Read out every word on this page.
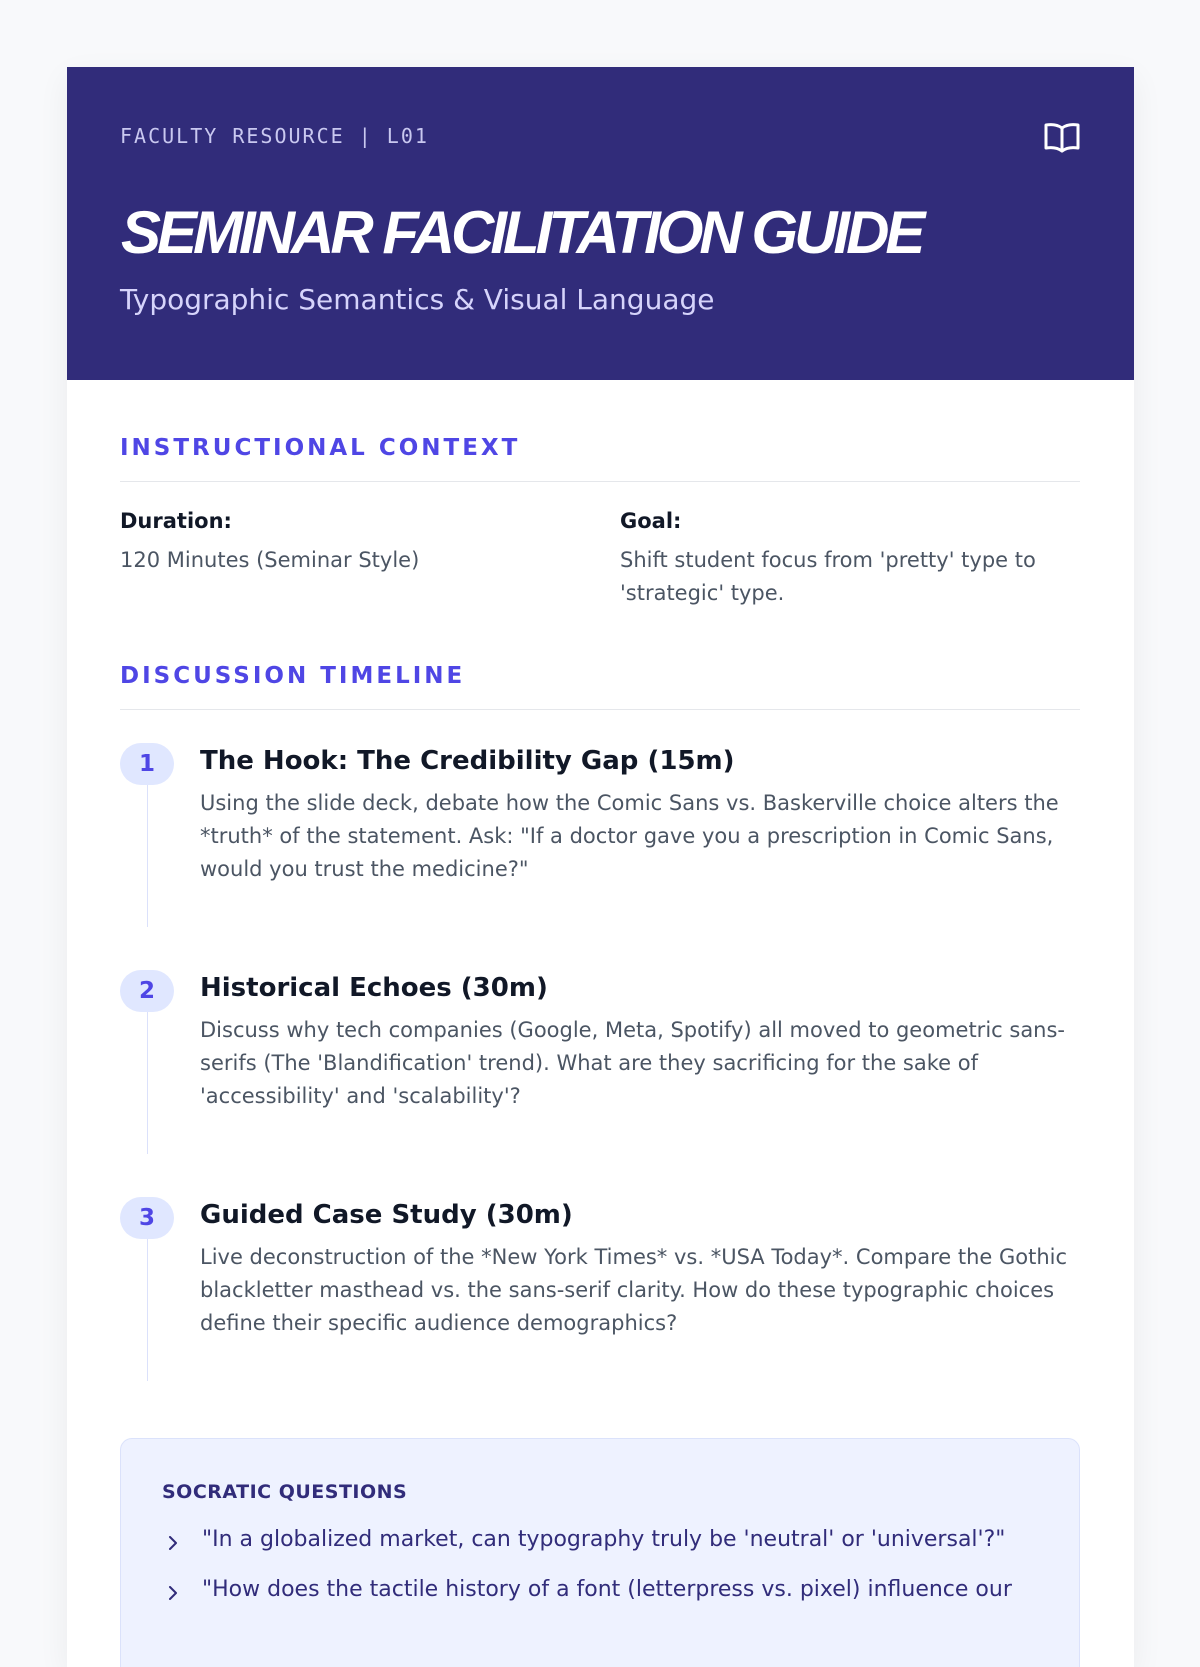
FACULTY RESOURCE | L01
SEMINAR FACILITATION GUIDE
Typographic Semantics & Visual Language
INSTRUCTIONAL CONTEXT

Duration:

120 Minutes (Seminar Style)

Goal:

Shift student focus from 'pretty' type to 'strategic' type.

DISCUSSION TIMELINE
1	The Hook: The Credibility Gap (15m)
Using the slide deck, debate how the Comic Sans vs. Baskerville choice alters the *truth* of the statement. Ask: "If a doctor gave you a prescription in Comic Sans, would you trust the medicine?"
2	Historical Echoes (30m)
Discuss why tech companies (Google, Meta, Spotify) all moved to geometric sans-serifs (The 'Blandification' trend). What are they sacrificing for the sake of 'accessibility' and 'scalability'?
3	Guided Case Study (30m)
Live deconstruction of the *New York Times* vs. *USA Today*. Compare the Gothic blackletter masthead vs. the sans-serif clarity. How do these typographic choices define their specific audience demographics?
SOCRATIC QUESTIONS
"In a globalized market, can typography truly be 'neutral' or 'universal'?"
"How does the tactile history of a font (letterpress vs. pixel) influence our
